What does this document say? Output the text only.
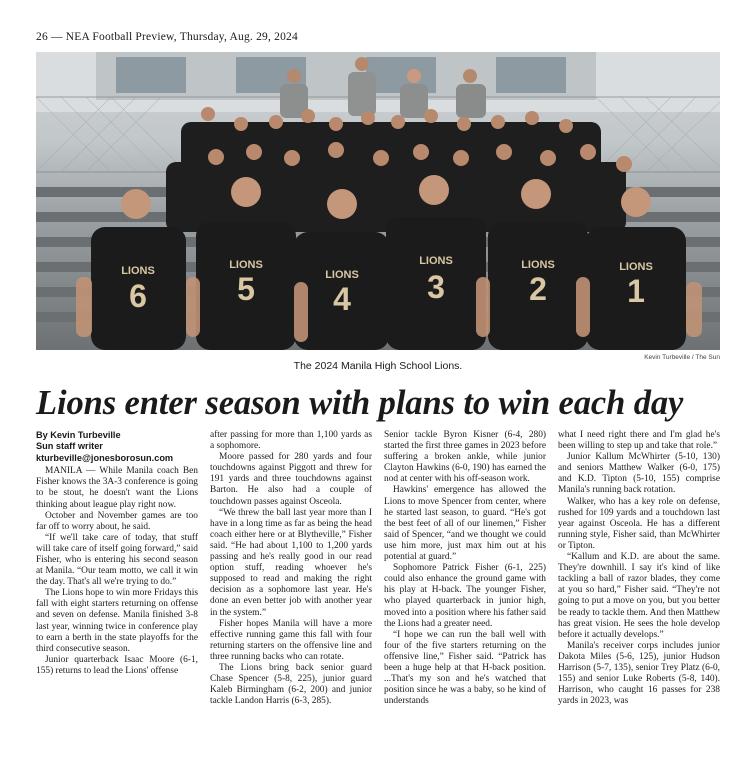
26 — NEA Football Preview, Thursday, Aug. 29, 2024
LIONS	LIONS
LIONS
LIONS	LIONS	LIONS
6	5 4 3	2	1
Kevin Turbeville / The Sun
The 2024 Manila High School Lions.
Lions enter season with plans to win each day
By Kevin Turbeville
Sun staff writer
kturbeville@jonesborosun.com

MANILA — While Manila coach Ben Fisher knows the 3A-3 conference is going to be stout, he doesn't want the Lions thinking about league play right now.

October and November games are too far off to worry about, he said.

“If we'll take care of today, that stuff will take care of itself going forward,” said Fisher, who is entering his second season at Manila. “Our team motto, we call it win the day. That's all we're trying to do.”

The Lions hope to win more Fridays this fall with eight starters returning on offense and seven on defense. Manila finished 3-8 last year, winning twice in conference play to earn a berth in the state playoffs for the third consecutive season.

Junior quarterback Isaac Moore (6-1, 155) returns to lead the Lions' offense

after passing for more than 1,100 yards as a sophomore.

Moore passed for 280 yards and four touchdowns against Piggott and threw for 191 yards and three touchdowns against Barton. He also had a couple of touchdown passes against Osceola.

“We threw the ball last year more than I have in a long time as far as being the head coach either here or at Blytheville,” Fisher said. “He had about 1,100 to 1,200 yards passing and he's really good in our read option stuff, reading whoever he's supposed to read and making the right decision as a sophomore last year. He's done an even better job with another year in the system.”

Fisher hopes Manila will have a more effective running game this fall with four returning starters on the offensive line and three running backs who can rotate.

The Lions bring back senior guard Chase Spencer (5-8, 225), junior guard Kaleb Birmingham (6-2, 200) and junior tackle Landon Harris (6-3, 285).

Senior tackle Byron Kisner (6-4, 280) started the first three games in 2023 before suffering a broken ankle, while junior Clayton Hawkins (6-0, 190) has earned the nod at center with his off-season work.

Hawkins' emergence has allowed the Lions to move Spencer from center, where he started last season, to guard. “He's got the best feet of all of our linemen,” Fisher said of Spencer, “and we thought we could use him more, just max him out at his potential at guard.”

Sophomore Patrick Fisher (6-1, 225) could also enhance the ground game with his play at H-back. The younger Fisher, who played quarterback in junior high, moved into a position where his father said the Lions had a greater need.

“I hope we can run the ball well with four of the five starters returning on the offensive line,” Fisher said. “Patrick has been a huge help at that H-back position. ...That's my son and he's watched that position since he was a baby, so he kind of understands

what I need right there and I'm glad he's been willing to step up and take that role.”

Junior Kallum McWhirter (5-10, 130) and seniors Matthew Walker (6-0, 175) and K.D. Tipton (5-10, 155) comprise Manila's running back rotation.

Walker, who has a key role on defense, rushed for 109 yards and a touchdown last year against Osceola. He has a different running style, Fisher said, than McWhirter or Tipton.

“Kallum and K.D. are about the same. They're downhill. I say it's kind of like tackling a ball of razor blades, they come at you so hard,” Fisher said. “They're not going to put a move on you, but you better be ready to tackle them. And then Matthew has great vision. He sees the hole develop before it actually develops.”

Manila's receiver corps includes junior Dakota Miles (5-6, 125), junior Hudson Harrison (5-7, 135), senior Trey Platz (6-0, 155) and senior Luke Roberts (5-8, 140). Harrison, who caught 16 passes for 238 yards in 2023, was
